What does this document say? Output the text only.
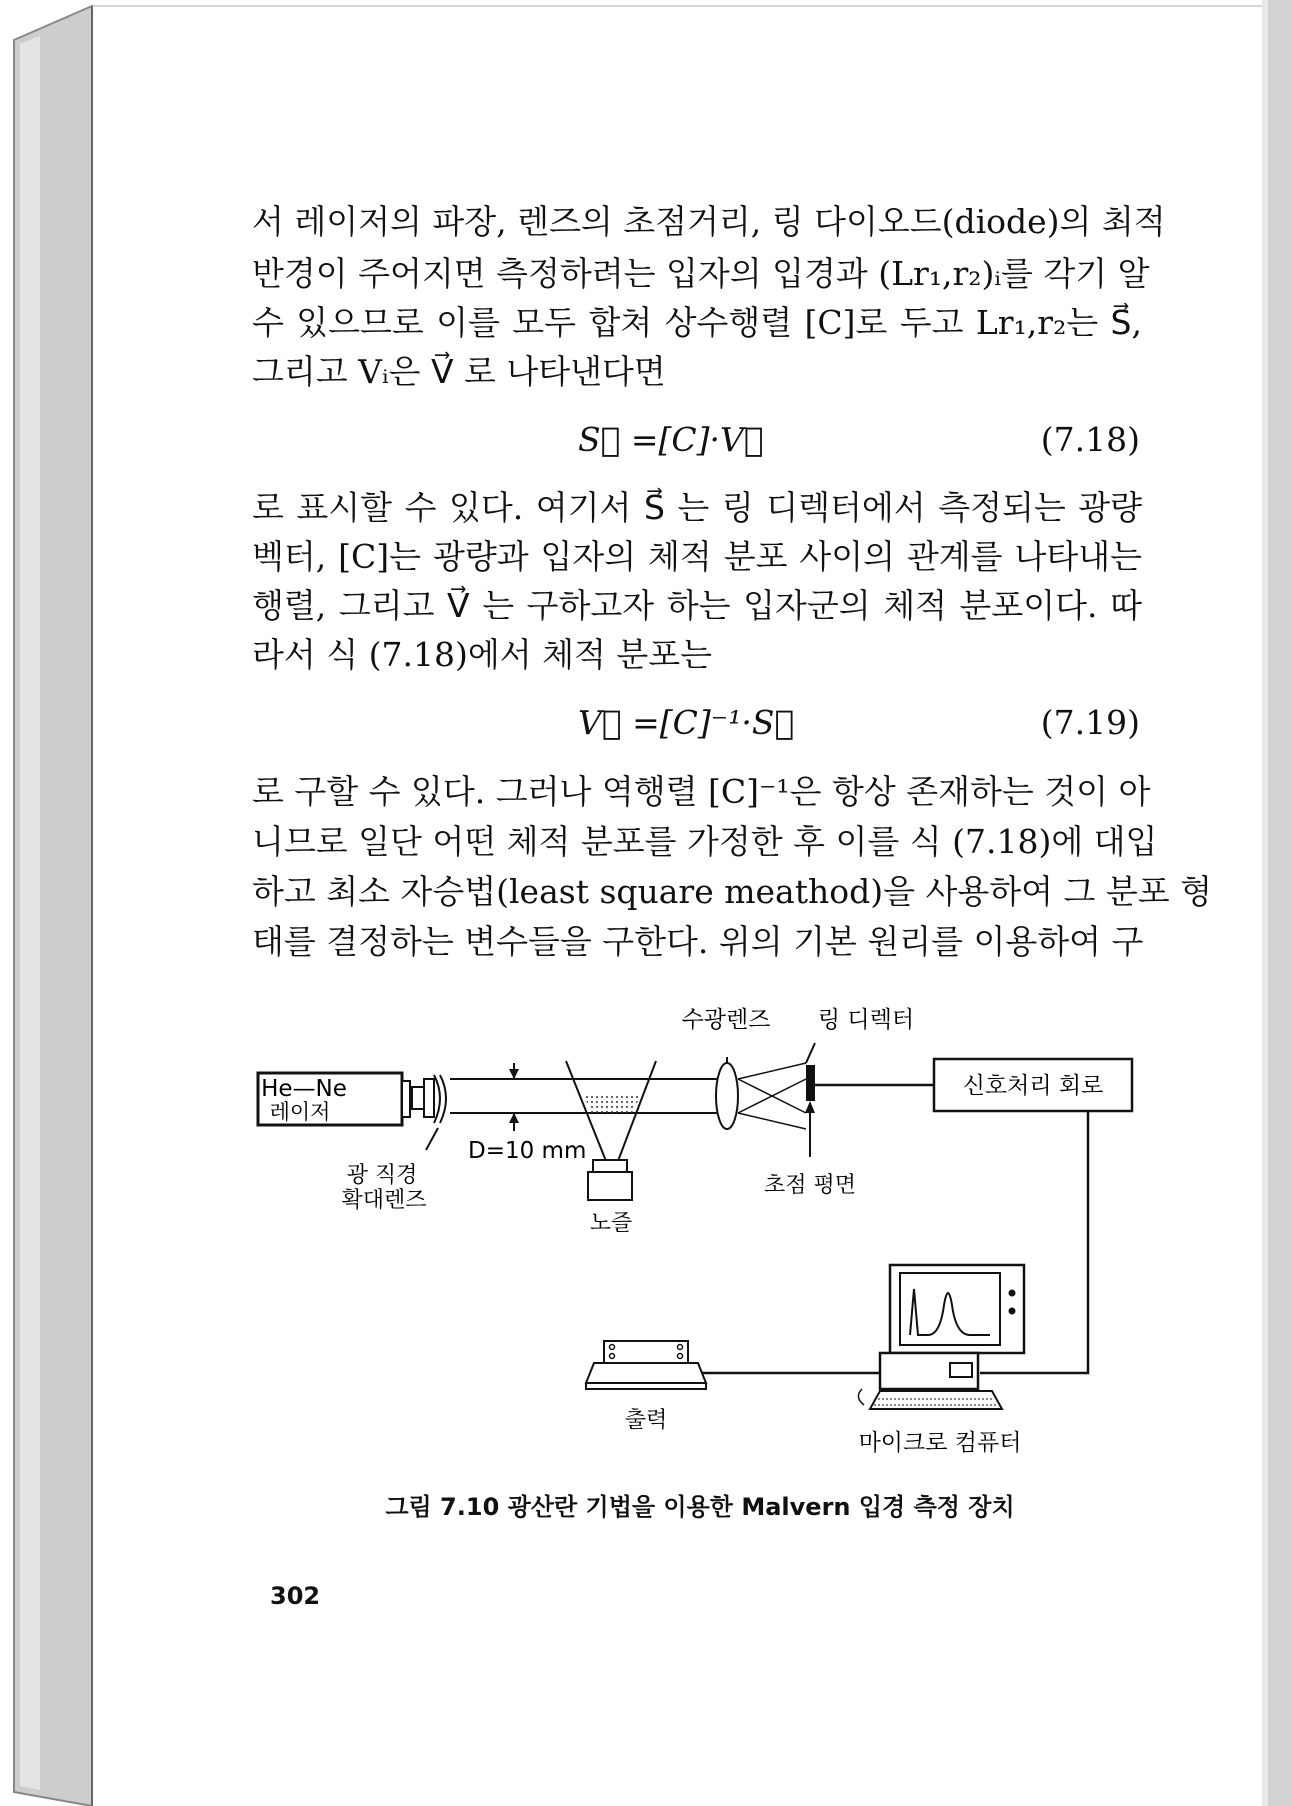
서 레이저의 파장, 렌즈의 초점거리, 링 다이오드(diode)의 최적
반경이 주어지면 측정하려는 입자의 입경과 (Lr₁,r₂)ᵢ를 각기 알
수 있으므로 이를 모두 합쳐 상수행렬 [C]로 두고 Lr₁,r₂는 S⃗,
그리고 Vᵢ은 V⃗ 로 나타낸다면
S⃗ =[C]·V⃗	(7.18)
로 표시할 수 있다. 여기서 S⃗ 는 링 디렉터에서 측정되는 광량
벡터, [C]는 광량과 입자의 체적 분포 사이의 관계를 나타내는
행렬, 그리고 V⃗ 는 구하고자 하는 입자군의 체적 분포이다. 따
라서 식 (7.18)에서 체적 분포는
V⃗ =[C]⁻¹·S⃗	(7.19)
로 구할 수 있다. 그러나 역행렬 [C]⁻¹은 항상 존재하는 것이 아
니므로 일단 어떤 체적 분포를 가정한 후 이를 식 (7.18)에 대입
하고 최소 자승법(least square meathod)을 사용하여 그 분포 형
태를 결정하는 변수들을 구한다. 위의 기본 원리를 이용하여 구
He—Ne
레이저
광 직경
확대렌즈
D=10 mm
노즐
수광렌즈 링 디렉터
초점 평면
신호처리 회로
마이크로 컴퓨터
출력
그림 7.10 광산란 기법을 이용한 Malvern 입경 측정 장치
302
